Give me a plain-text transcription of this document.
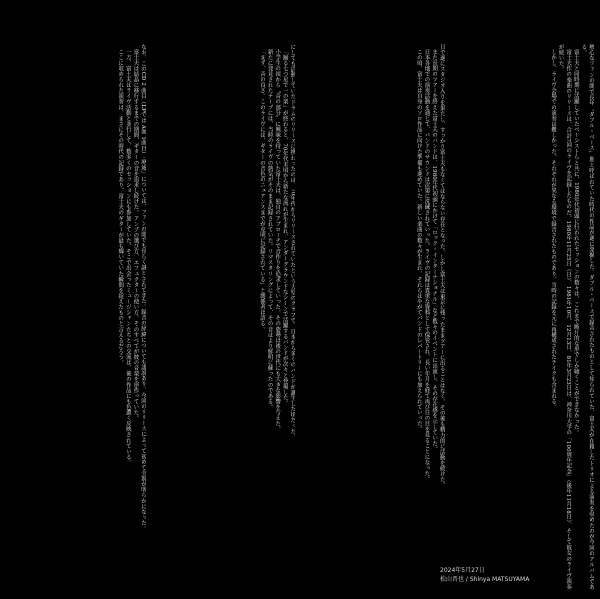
熱心なファンの間で長年〝ダブル・ベース〟期と呼ばれていた時代の作品が遂に発掘した。ダブル・ベースで録音されたものとして知られていた、富士夫が在籍したトリオによる演奏を収めたのが今回のアルバムである。

富士夫と同時期に活躍していたベーシストらと共に、1980年代初頭に行われたセッションの数々は、これまで断片的な形でしか聴くことができなかった。

富士夫作の楽曲のリリースは、合計7回のライヴを記録したものだ。1980年11月25日（日）、1981年10月、12月13日、81年3月23日は、神奈川大学の「100周年記念」（後年11月18日）、そして彼女のライヴ演奏が続いた。

しかし、ライヴ会場での演奏は難しかった。それぞれが異なる環境で録音されたものであり、当時の記録を元に再構成されたテイクも含まれる。

日で遂にスタジオ入りを果たし、すっかり富士夫もなくてはならない存在となった。しかし富士夫は東京に残ったままツアーに出ることはなく、その後も精力的に活動を続けた。

また長期のツアーを終えた富士夫のバンドは、1980年代初頭にかけて「ロック・インターナショナル」など数々のイベントに出演し、その存在感を示していた。

日本各地での演奏活動を通じて、バンドのサウンドは次第に洗練されていった。ライヴの記録は貴重な資料として保管され、長い年月を経て再び日の目を見ることになった。

この頃、富士夫は自身のソロ作品に向けた準備も進めていた。新しい楽曲の数々が生まれ、それらはやがてバンドのレパートリーにも加えられていった。

にしても活動していたドラムのリリースに携わったのは、70年代からリリースされていたという大型のクラブで、日本から多くのバンドが誕生した頃だった。

「踊る七つ星で一の楽」が終わると、70年代末頃から新たな流れが生まれ、アンダーグラウンドなシーンで活躍するバンドが次々と登場した。

小学生の頃から〝音の部分〟に興味を持っていた富士夫は、独自のアプローチで音作りを追求していった。その姿勢は後の世代にも大きな影響を与えた。

新たに発見されたテープには、当時のライヴの熱気がそのまま記録されていた。リマスタリングによって、その音はより鮮明に蘇ったのである。

「まず、音の良さ。このライヴには、ギターの音色のニュアンスまでが克明に記録されている」と関係者は語る。

なお、このCD 2 曲目（LPでは A面 1曲目）「廃墟」については、ファンの間でも長らく謎とされてきた。録音の経緯についても諸説あり、今回のリリースによって初めて全貌が明らかになった。

富士夫は結晶に移行するまでの期間、ギターの音を追求し続けた。アンプの選び方、エフェクターの使い方、そのすべてが彼の音楽を形作っていた。

一方、富士夫はライヴ活動と並行して、数多くのセッションにも参加していた。そこで出会ったミュージシャンたちとの交流は、後の作品にも色濃く反映されている。

ここに収められた演奏は、まさにその時代の記録であり、富士夫のギターが最も輝いていた瞬間を捉えたものと言えるだろう。

2024年5月27日
松山晋也 / Shinya MATSUYAMA
